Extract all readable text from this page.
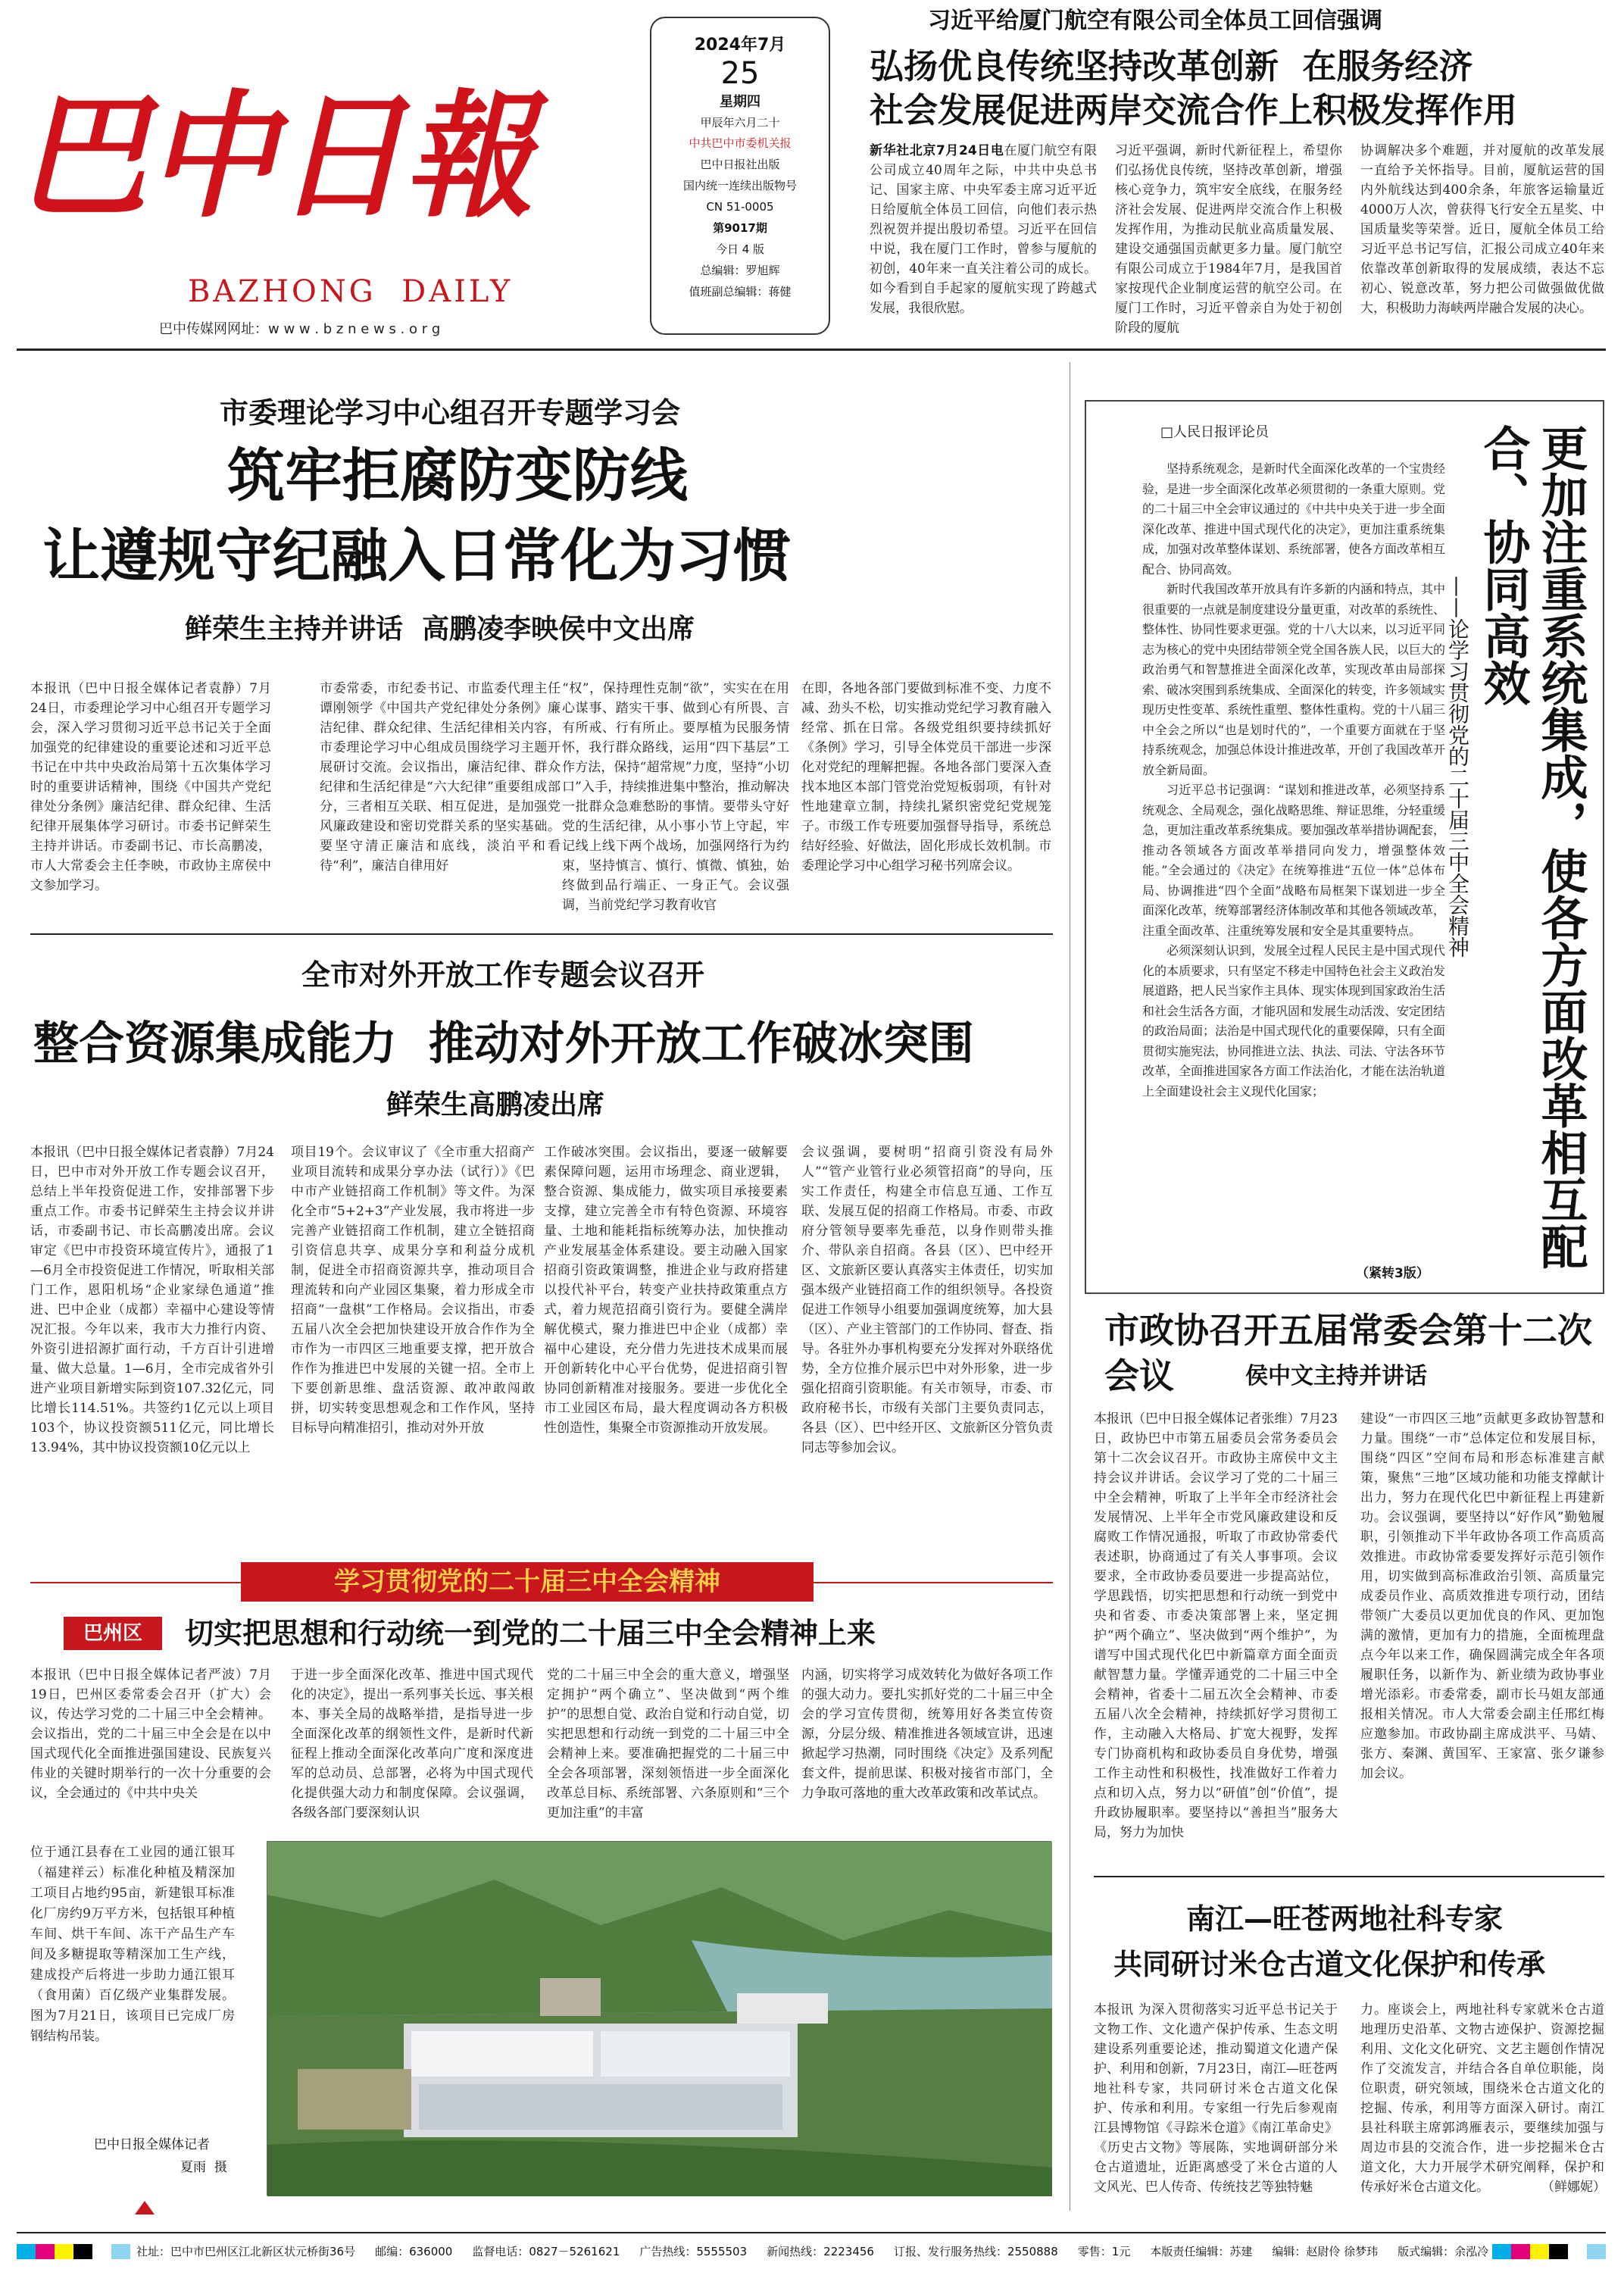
巴中日報
BAZHONG  DAILY
巴中传媒网网址：w w w . b z n e w s . o r g
2024年7月
25
星期四
甲辰年六月二十
中共巴中市委机关报
巴中日报社出版
国内统一连续出版物号
CN 51-0005
第9017期
今日 4 版
总编辑：罗旭辉
值班副总编辑：蒋健
习近平给厦门航空有限公司全体员工回信强调
弘扬优良传统坚持改革创新  在服务经济
社会发展促进两岸交流合作上积极发挥作用
新华社北京7月24日电在厦门航空有限公司成立40周年之际，中共中央总书记、国家主席、中央军委主席习近平近日给厦航全体员工回信，向他们表示热烈祝贺并提出殷切希望。习近平在回信中说，我在厦门工作时，曾参与厦航的初创，40年来一直关注着公司的成长。如今看到自手起家的厦航实现了跨越式发展，我很欣慰。
习近平强调，新时代新征程上，希望你们弘扬优良传统，坚持改革创新，增强核心竞争力，筑牢安全底线，在服务经济社会发展、促进两岸交流合作上积极发挥作用，为推动民航业高质量发展、建设交通强国贡献更多力量。厦门航空有限公司成立于1984年7月，是我国首家按现代企业制度运营的航空公司。在厦门工作时，习近平曾亲自为处于初创阶段的厦航
协调解决多个难题，并对厦航的改革发展一直给予关怀指导。目前，厦航运营的国内外航线达到400余条，年旅客运输量近4000万人次，曾获得飞行安全五星奖、中国质量奖等荣誉。近日，厦航全体员工给习近平总书记写信，汇报公司成立40年来依靠改革创新取得的发展成绩，表达不忘初心、锐意改革，努力把公司做强做优做大，积极助力海峡两岸融合发展的决心。
市委理论学习中心组召开专题学习会
筑牢拒腐防变防线
让遵规守纪融入日常化为习惯
鲜荣生主持并讲话  高鹏凌李映侯中文出席
本报讯（巴中日报全媒体记者袁静）7月24日，市委理论学习中心组召开专题学习会，深入学习贯彻习近平总书记关于全面加强党的纪律建设的重要论述和习近平总书记在中共中央政治局第十五次集体学习时的重要讲话精神，围绕《中国共产党纪律处分条例》廉洁纪律、群众纪律、生活纪律开展集体学习研讨。市委书记鲜荣生主持并讲话。市委副书记、市长高鹏凌，市人大常委会主任李映，市政协主席侯中文参加学习。
市委常委，市纪委书记、市监委代理主任谭刚领学《中国共产党纪律处分条例》廉洁纪律、群众纪律、生活纪律相关内容，市委理论学习中心组成员围绕学习主题开展研讨交流。会议指出，廉洁纪律、群众纪律和生活纪律是“六大纪律”重要组成部分，三者相互关联、相互促进，是加强党风廉政建设和密切党群关系的坚实基础。要坚守清正廉洁和底线，淡泊平和看待“利”，廉洁自律用好
“权”，保持理性克制“欲”，实实在在用心谋事、踏实干事、做到心有所畏、言有所戒、行有所止。要厚植为民服务情怀，我行群众路线，运用“四下基层”工作方法，保持“超常规”力度，坚持“小切口”入手，持续推进集中整治，推动解决一批群众急难愁盼的事情。要带头守好党的生活纪律，从小事小节上守起，牢记线上线下两个战场，加强网络行为约束，坚持慎言、慎行、慎微、慎独，始终做到品行端正、一身正气。会议强调，当前党纪学习教育收官
在即，各地各部门要做到标准不变、力度不减、劲头不松，切实推动党纪学习教育融入经常、抓在日常。各级党组织要持续抓好《条例》学习，引导全体党员干部进一步深化对党纪的理解把握。各地各部门要深入查找本地区本部门管党治党短板弱项，有针对性地建章立制，持续扎紧织密党纪党规笼子。市级工作专班要加强督导指导，系统总结好经验、好做法，固化形成长效机制。市委理论学习中心组学习秘书列席会议。
全市对外开放工作专题会议召开
整合资源集成能力  推动对外开放工作破冰突围
鲜荣生高鹏凌出席
本报讯（巴中日报全媒体记者袁静）7月24日，巴中市对外开放工作专题会议召开，总结上半年投资促进工作，安排部署下步重点工作。市委书记鲜荣生主持会议并讲话，市委副书记、市长高鹏凌出席。会议审定《巴中市投资环境宣传片》，通报了1—6月全市投资促进工作情况，听取相关部门工作，恩阳机场“企业家绿色通道”推进、巴中企业（成都）幸福中心建设等情况汇报。今年以来，我市大力推行内资、外资引进招源扩面行动，千方百计引进增量、做大总量。1—6月，全市完成省外引进产业项目新增实际到资107.32亿元，同比增长114.51%。共签约1亿元以上项目103个，协议投资额511亿元，同比增长13.94%，其中协议投资额10亿元以上
项目19个。会议审议了《全市重大招商产业项目流转和成果分享办法（试行）》《巴中市产业链招商工作机制》等文件。为深化全市“5+2+3”产业发展，我市将进一步完善产业链招商工作机制，建立全链招商引资信息共享、成果分享和利益分成机制，促进全市招商资源共享，推动项目合理流转和向产业园区集聚，着力形成全市招商“一盘棋”工作格局。会议指出，市委五届八次全会把加快建设开放合作作为全市作为一市四区三地重要支撑，把开放合作作为推进巴中发展的关键一招。全市上下要创新思维、盘活资源、敢冲敢闯敢拼，切实转变思想观念和工作作风，坚持目标导向精准招引，推动对外开放
工作破冰突围。会议指出，要逐一破解要素保障问题，运用市场理念、商业逻辑，整合资源、集成能力，做实项目承接要素支撑，建立完善全市有特色资源、环境容量、土地和能耗指标统筹办法，加快推动产业发展基金体系建设。要主动融入国家招商引资政策调整，推进企业与政府搭建以投代补平台，转变产业扶持政策重点方式，着力规范招商引资行为。要健全满岸解优模式，聚力推进巴中企业（成都）幸福中心建设，充分借力先进技术成果而展开创新转化中心平台优势，促进招商引智协同创新精准对接服务。要进一步优化全市工业园区布局，最大程度调动各方积极性创造性，集聚全市资源推动开放发展。
会议强调，要树明“招商引资没有局外人”“管产业管行业必须管招商”的导向，压实工作责任，构建全市信息互通、工作互联、发展互促的招商工作格局。市委、市政府分管领导要率先垂范，以身作则带头推介、带队亲自招商。各县（区）、巴中经开区、文旅新区要认真落实主体责任，切实加强本级产业链招商工作的组织领导。各投资促进工作领导小组要加强调度统筹，加大县（区）、产业主管部门的工作协同、督查、指导。各驻外办事机构要充分发挥对外联络优势，全方位推介展示巴中对外形象，进一步强化招商引资职能。有关市领导，市委、市政府秘书长，市级有关部门主要负责同志，各县（区）、巴中经开区、文旅新区分管负责同志等参加会议。
学习贯彻党的二十届三中全会精神
巴州区	切实把思想和行动统一到党的二十届三中全会精神上来
本报讯（巴中日报全媒体记者严波）7月19日，巴州区委常委会召开（扩大）会议，传达学习党的二十届三中全会精神。会议指出，党的二十届三中全会是在以中国式现代化全面推进强国建设、民族复兴伟业的关键时期举行的一次十分重要的会议，全会通过的《中共中央关
于进一步全面深化改革、推进中国式现代化的决定》，提出一系列事关长远、事关根本、事关全局的战略举措，是指导进一步全面深化改革的纲领性文件，是新时代新征程上推动全面深化改革向广度和深度进军的总动员、总部署，必将为中国式现代化提供强大动力和制度保障。会议强调，各级各部门要深刻认识
党的二十届三中全会的重大意义，增强坚定拥护“两个确立”、坚决做到“两个维护”的思想自觉、政治自觉和行动自觉，切实把思想和行动统一到党的二十届三中全会精神上来。要准确把握党的二十届三中全会各项部署，深刻领悟进一步全面深化改革总目标、系统部署、六条原则和“三个更加注重”的丰富
内涵，切实将学习成效转化为做好各项工作的强大动力。要扎实抓好党的二十届三中全会的学习宣传贯彻，统筹用好各类宣传资源，分层分级、精准推进各领域宣讲，迅速掀起学习热潮，同时围绕《决定》及系列配套文件，提前思谋、积极对接省市部门，全力争取可落地的重大改革政策和改革试点。
位于通江县春在工业园的通江银耳（福建祥云）标准化种植及精深加工项目占地约95亩，新建银耳标准化厂房约9万平方米，包括银耳种植车间、烘干车间、冻干产品生产车间及多糖提取等精深加工生产线，建成投产后将进一步助力通江银耳（食用菌）百亿级产业集群发展。图为7月21日，该项目已完成厂房钢结构吊装。
巴中日报全媒体记者
夏雨  摄
□人民日报评论员

坚持系统观念，是新时代全面深化改革的一个宝贵经验，是进一步全面深化改革必须贯彻的一条重大原则。党的二十届三中全会审议通过的《中共中央关于进一步全面深化改革、推进中国式现代化的决定》，更加注重系统集成，加强对改革整体谋划、系统部署，使各方面改革相互配合、协同高效。

新时代我国改革开放具有许多新的内涵和特点，其中很重要的一点就是制度建设分量更重，对改革的系统性、整体性、协同性要求更强。党的十八大以来，以习近平同志为核心的党中央团结带领全党全国各族人民，以巨大的政治勇气和智慧推进全面深化改革，实现改革由局部探索、破冰突围到系统集成、全面深化的转变，许多领域实现历史性变革、系统性重塑、整体性重构。党的十八届三中全会之所以“也是划时代的”，一个重要方面就在于坚持系统观念，加强总体设计推进改革，开创了我国改革开放全新局面。

习近平总书记强调：“谋划和推进改革，必须坚持系统观念、全局观念，强化战略思维、辩证思维，分轻重缓急，更加注重改革系统集成。要加强改革举措协调配套，推动各领域各方面改革举措同向发力，增强整体效能。”全会通过的《决定》在统筹推进“五位一体”总体布局、协调推进“四个全面”战略布局框架下谋划进一步全面深化改革，统筹部署经济体制改革和其他各领域改革，注重全面改革、注重统筹发展和安全是其重要特点。

必须深刻认识到，发展全过程人民民主是中国式现代化的本质要求，只有坚定不移走中国特色社会主义政治发展道路，把人民当家作主具体、现实体现到国家政治生活和社会生活各方面，才能巩固和发展生动活泼、安定团结的政治局面；法治是中国式现代化的重要保障，只有全面贯彻实施宪法，协同推进立法、执法、司法、守法各环节改革，全面推进国家各方面工作法治化，才能在法治轨道上全面建设社会主义现代化国家；

（紧转3版）
更加注重系统集成，使各方面改革相互配合、协同高效
——论学习贯彻党的二十届三中全会精神
市政协召开五届常委会第十二次会议	侯中文主持并讲话
本报讯（巴中日报全媒体记者张维）7月23日，政协巴中市第五届委员会常务委员会第十二次会议召开。市政协主席侯中文主持会议并讲话。会议学习了党的二十届三中全会精神，听取了上半年全市经济社会发展情况、上半年全市党风廉政建设和反腐败工作情况通报，听取了市政协常委代表述职，协商通过了有关人事事项。会议要求，全市政协委员要进一步提高站位，学思践悟，切实把思想和行动统一到党中央和省委、市委决策部署上来，坚定拥护“两个确立”、坚决做到“两个维护”，为谱写中国式现代化巴中新篇章方面全面贡献智慧力量。学懂弄通党的二十届三中全会精神，省委十二届五次全会精神、市委五届八次全会精神，持续抓好学习贯彻工作，主动融入大格局、扩宽大视野，发挥专门协商机构和政协委员自身优势，增强工作主动性和积极性，找准做好工作着力点和切入点，努力以“研值”创“价值”，提升政协履职率。要坚持以“善担当”服务大局，努力为加快
建设“一市四区三地”贡献更多政协智慧和力量。围绕“一市”总体定位和发展目标，围绕“四区”空间布局和形态标准建言献策，聚焦“三地”区域功能和功能支撑献计出力，努力在现代化巴中新征程上再建新功。会议强调，要坚持以“好作风”勤勉履职，引领推动下半年政协各项工作高质高效推进。市政协常委要发挥好示范引领作用，切实做到高标准政治引领、高质量完成委员作业、高质效推进专项行动，团结带领广大委员以更加优良的作风、更加饱满的激情，更加有力的措施，全面梳理盘点今年以来工作，确保圆满完成全年各项履职任务，以新作为、新业绩为政协事业增光添彩。市委常委，副市长马姐友部通报相关情况。市人大常委会副主任邢红梅应邀参加。市政协副主席成洪平、马婧、张方、秦渊、黄国军、王家富、张夕谦参加会议。
南江—旺苍两地社科专家
共同研讨米仓古道文化保护和传承
本报讯 为深入贯彻落实习近平总书记关于文物工作、文化遗产保护传承、生态文明建设系列重要论述，推动蜀道文化遗产保护、利用和创新，7月23日，南江—旺苍两地社科专家，共同研讨米仓古道文化保护、传承和利用。专家组一行先后参观南江县博物馆《寻踪米仓道》《南江革命史》《历史古文物》等展陈，实地调研部分米仓古道遗址，近距离感受了米仓古道的人文风光、巴人传奇、传统技艺等独特魅
力。座谈会上，两地社科专家就米仓古道地理历史沿革、文物古迹保护、资源挖掘利用、文化文化研究、文艺主题创作情况作了交流发言，并结合各自单位职能，岗位职责，研究领域，围绕米仓古道文化的挖掘、传承，利用等方面深入研讨。南江县社科联主席郭鸿雁表示，要继续加强与周边市县的交流合作，进一步挖掘米仓古道文化，大力开展学术研究阐释，保护和传承好米仓古道文化。	（鲜娜妮）
社址：巴中市巴州区江北新区状元桥街36号 邮编：636000 监督电话：0827－5261621 广告热线：5555503 新闻热线：2223456 订报、发行服务热线：2550888 零售：1元 本版责任编辑：苏建 编辑：赵尉伶 徐梦玮 版式编辑：余泓冷
